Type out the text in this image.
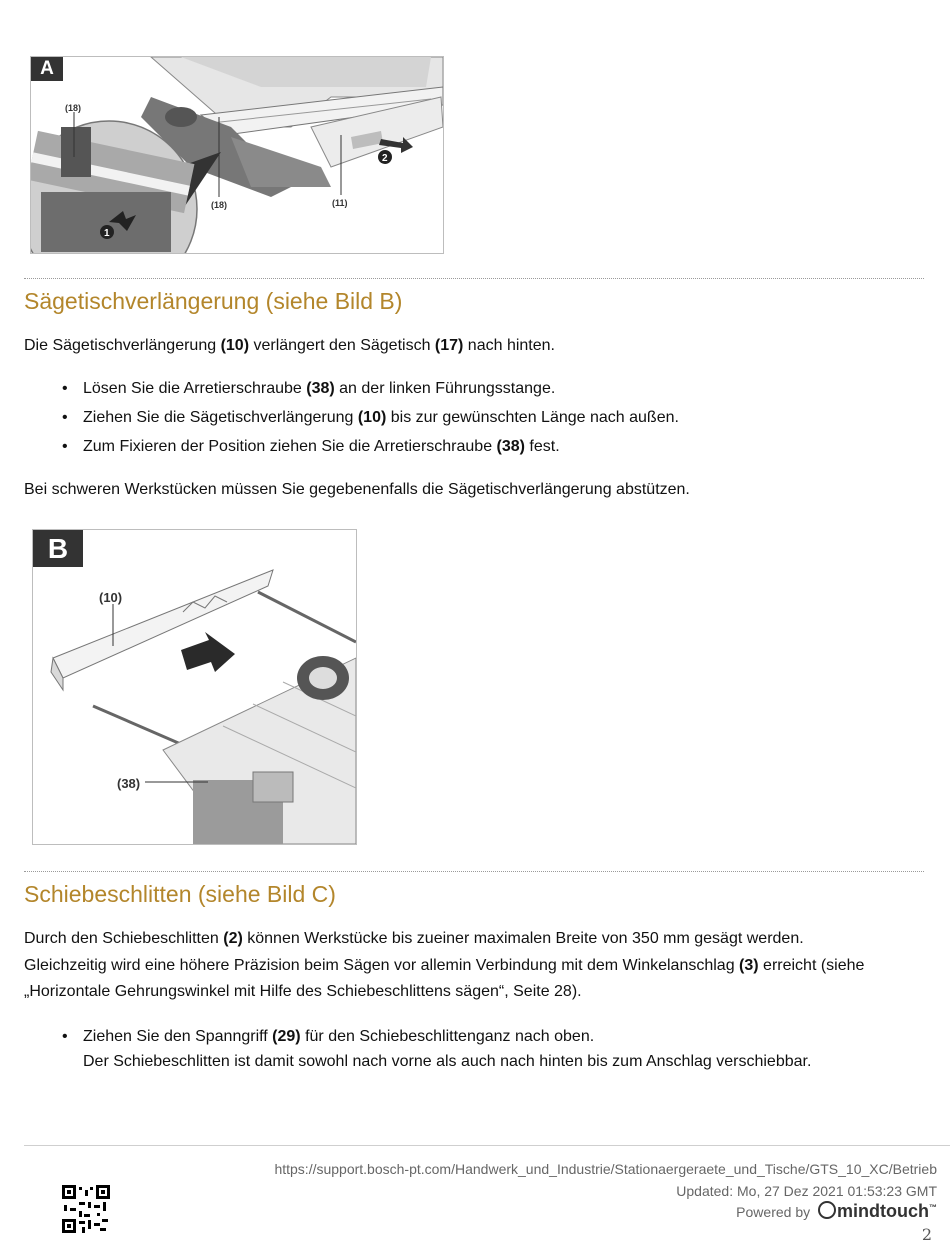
A
(18)
(18)	(11)
1
2
Sägetischverlängerung (siehe Bild B)
Die Sägetischverlängerung (10) verlängert den Sägetisch (17) nach hinten.
• Lösen Sie die Arretierschraube (38) an der linken Führungsstange.
• Ziehen Sie die Sägetischverlängerung (10) bis zur gewünschten Länge nach außen.
• Zum Fixieren der Position ziehen Sie die Arretierschraube (38) fest.
Bei schweren Werkstücken müssen Sie gegebenenfalls die Sägetischverlängerung abstützen.
B
(10)
(38)
Schiebeschlitten (siehe Bild C)
Durch den Schiebeschlitten (2) können Werkstücke bis zueiner maximalen Breite von 350 mm gesägt werden.
Gleichzeitig wird eine höhere Präzision beim Sägen vor allemin Verbindung mit dem Winkelanschlag (3) erreicht (siehe
„Horizontale Gehrungswinkel mit Hilfe des Schiebeschlittens sägen“, Seite 28).
• Ziehen Sie den Spanngriff (29) für den Schiebeschlittenganz nach oben.
Der Schiebeschlitten ist damit sowohl nach vorne als auch nach hinten bis zum Anschlag verschiebbar.
https://support.bosch-pt.com/Handwerk_und_Industrie/Stationaergeraete_und_Tische/GTS_10_XC/Betrieb
Updated: Mo, 27 Dez 2021 01:53:23 GMT
Powered by mindtouch™
2
